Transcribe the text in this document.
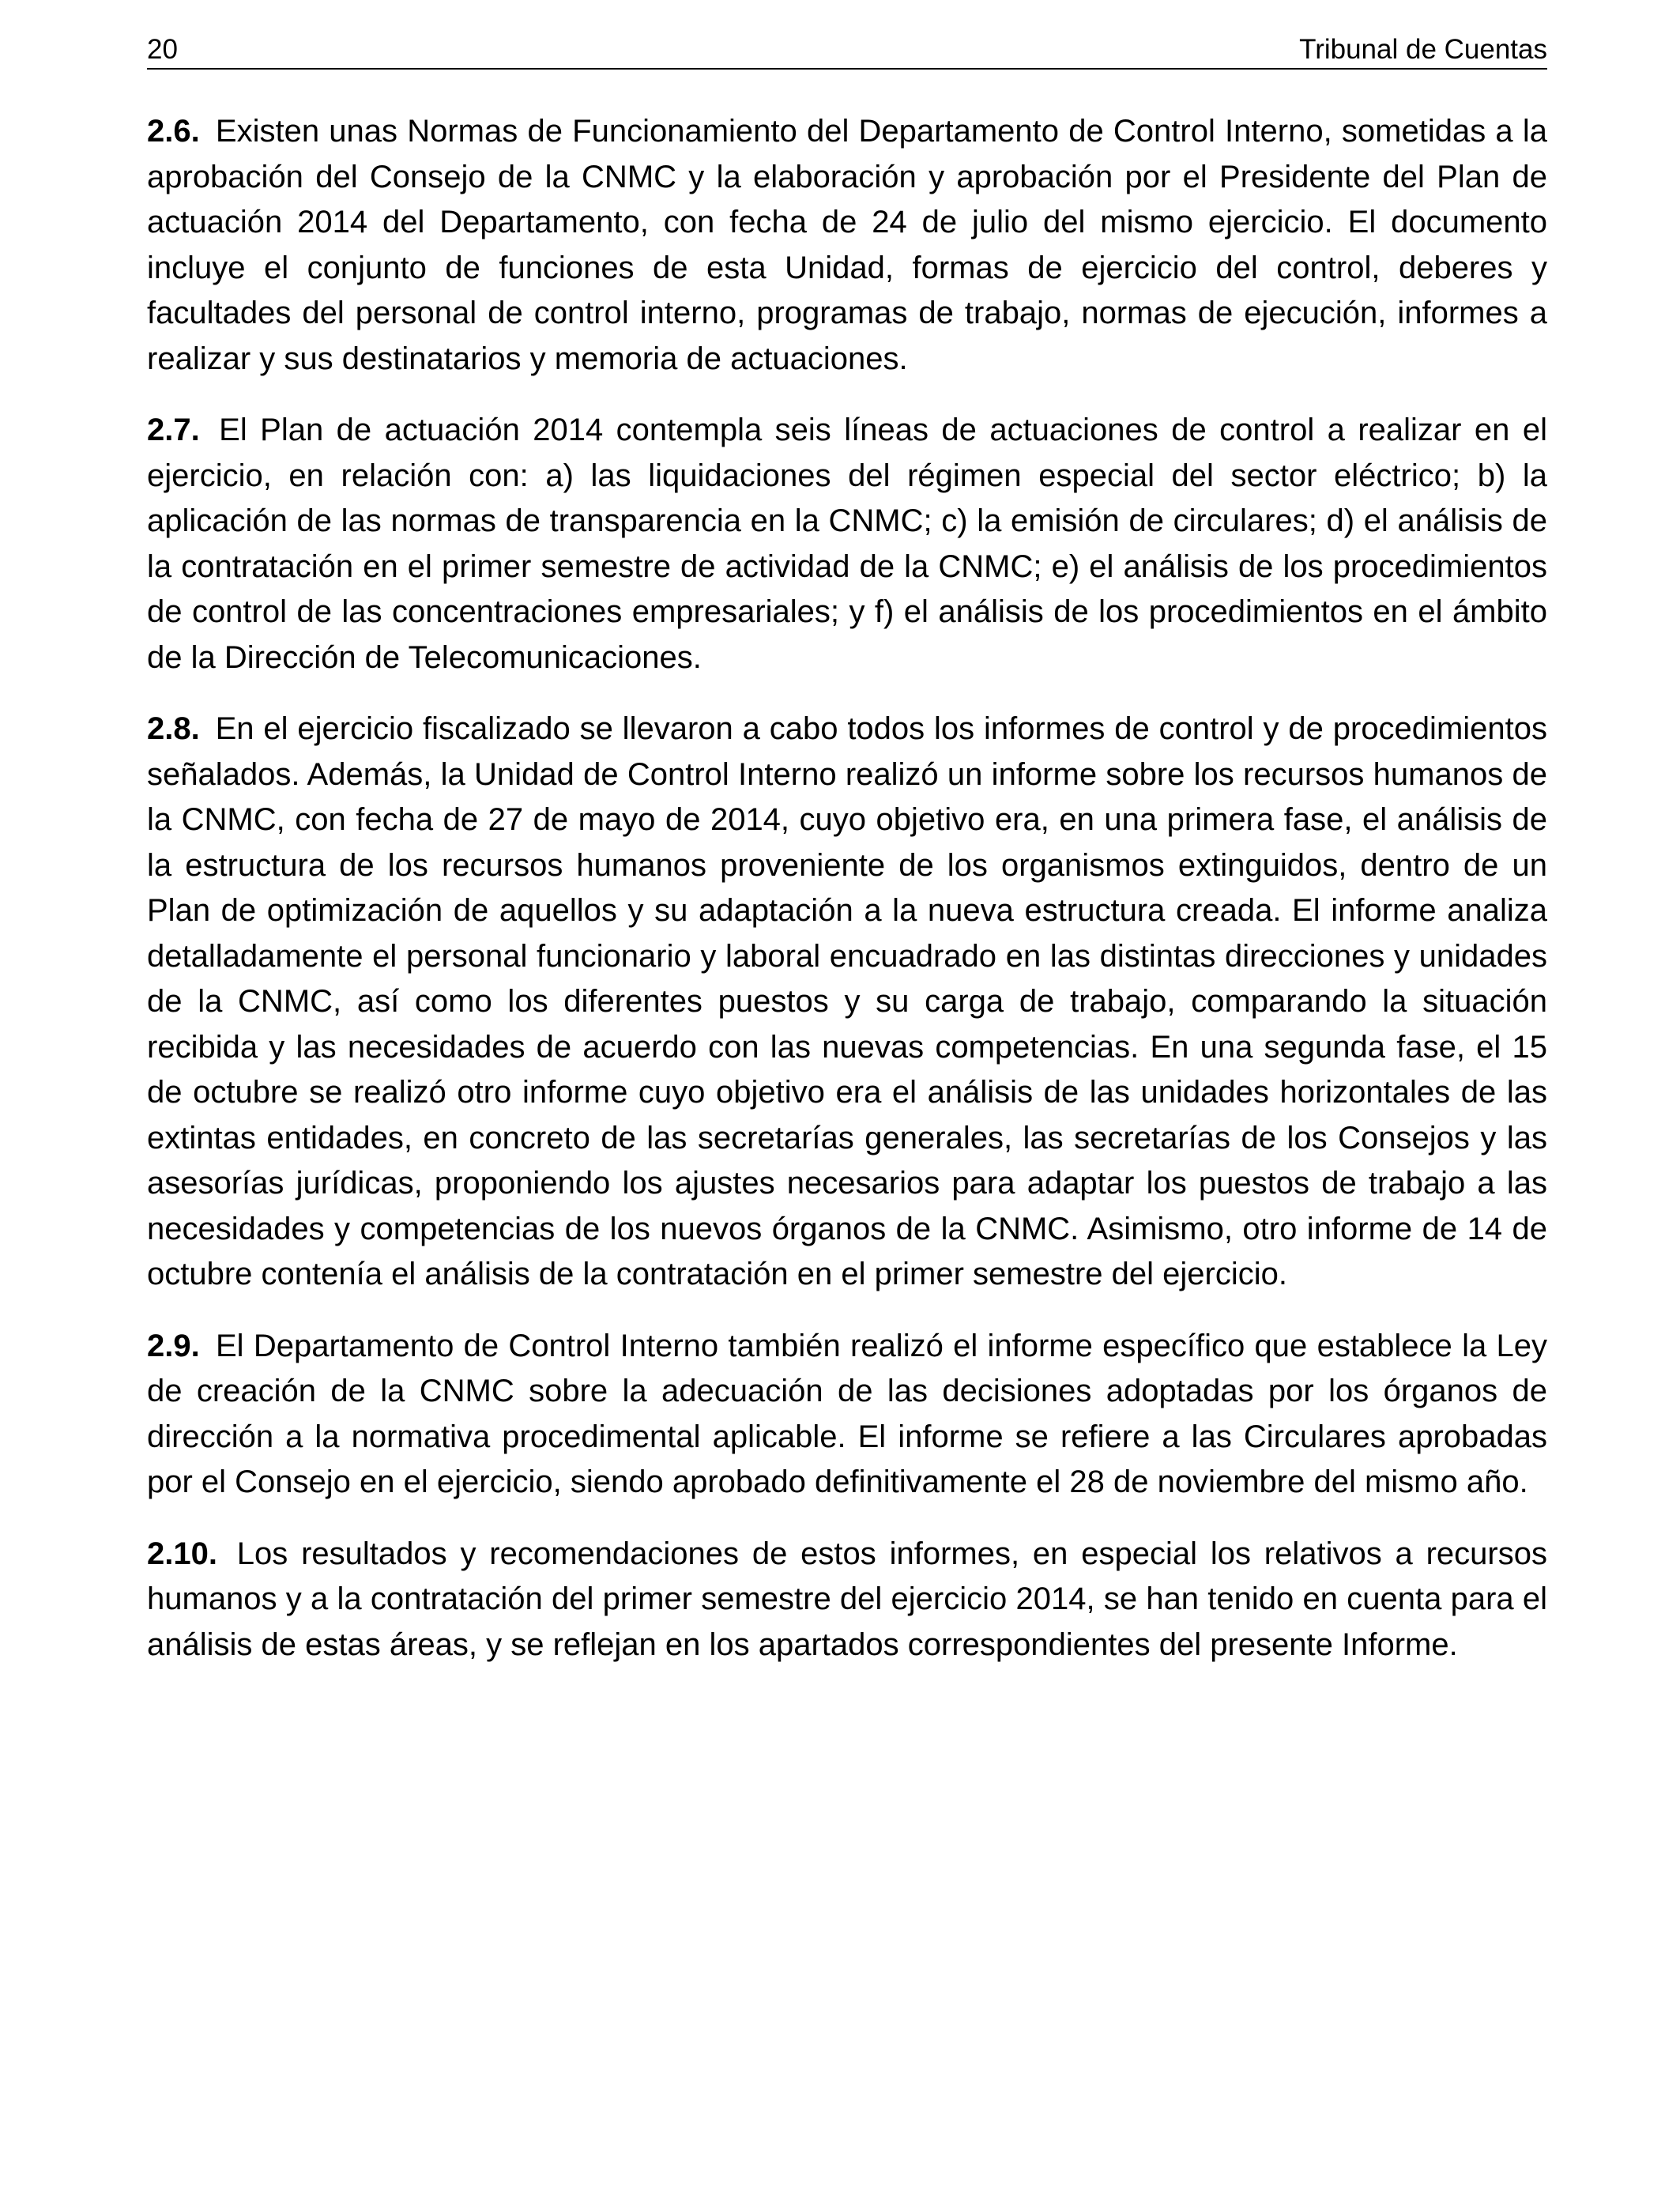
20	Tribunal de Cuentas

2.6. Existen unas Normas de Funcionamiento del Departamento de Control Interno, sometidas a la aprobación del Consejo de la CNMC y la elaboración y aprobación por el Presidente del Plan de actuación 2014 del Departamento, con fecha de 24 de julio del mismo ejercicio. El documento incluye el conjunto de funciones de esta Unidad, formas de ejercicio del control, deberes y facultades del personal de control interno, programas de trabajo, normas de ejecución, informes a realizar y sus destinatarios y memoria de actuaciones.

2.7. El Plan de actuación 2014 contempla seis líneas de actuaciones de control a realizar en el ejercicio, en relación con: a) las liquidaciones del régimen especial del sector eléctrico; b) la aplicación de las normas de transparencia en la CNMC; c) la emisión de circulares; d) el análisis de la contratación en el primer semestre de actividad de la CNMC; e) el análisis de los procedimientos de control de las concentraciones empresariales; y f) el análisis de los procedimientos en el ámbito de la Dirección de Telecomunicaciones.

2.8. En el ejercicio fiscalizado se llevaron a cabo todos los informes de control y de procedimientos señalados. Además, la Unidad de Control Interno realizó un informe sobre los recursos humanos de la CNMC, con fecha de 27 de mayo de 2014, cuyo objetivo era, en una primera fase, el análisis de la estructura de los recursos humanos proveniente de los organismos extinguidos, dentro de un Plan de optimización de aquellos y su adaptación a la nueva estructura creada. El informe analiza detalladamente el personal funcionario y laboral encuadrado en las distintas direcciones y unidades de la CNMC, así como los diferentes puestos y su carga de trabajo, comparando la situación recibida y las necesidades de acuerdo con las nuevas competencias. En una segunda fase, el 15 de octubre se realizó otro informe cuyo objetivo era el análisis de las unidades horizontales de las extintas entidades, en concreto de las secretarías generales, las secretarías de los Consejos y las asesorías jurídicas, proponiendo los ajustes necesarios para adaptar los puestos de trabajo a las necesidades y competencias de los nuevos órganos de la CNMC. Asimismo, otro informe de 14 de octubre contenía el análisis de la contratación en el primer semestre del ejercicio.

2.9. El Departamento de Control Interno también realizó el informe específico que establece la Ley de creación de la CNMC sobre la adecuación de las decisiones adoptadas por los órganos de dirección a la normativa procedimental aplicable. El informe se refiere a las Circulares aprobadas por el Consejo en el ejercicio, siendo aprobado definitivamente el 28 de noviembre del mismo año.

2.10. Los resultados y recomendaciones de estos informes, en especial los relativos a recursos humanos y a la contratación del primer semestre del ejercicio 2014, se han tenido en cuenta para el análisis de estas áreas, y se reflejan en los apartados correspondientes del presente Informe.
